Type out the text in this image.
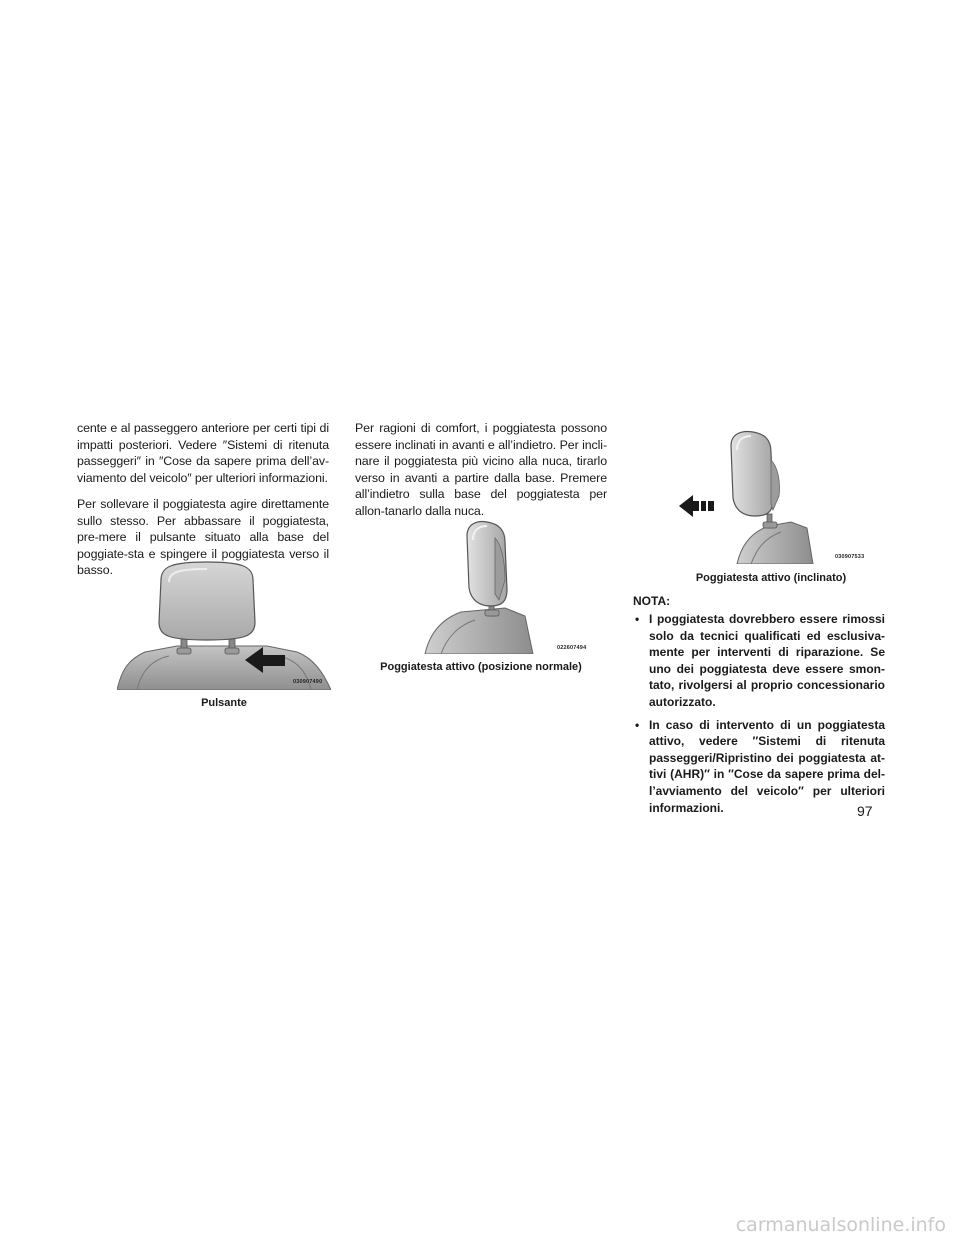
cente e al passeggero anteriore per certi tipi di impatti posteriori. Vedere ″Sistemi di ritenuta passeggeri″ in ″Cose da sapere prima dell’av-viamento del veicolo″ per ulteriori informazioni.

Per sollevare il poggiatesta agire direttamente sullo stesso. Per abbassare il poggiatesta, pre-mere il pulsante situato alla base del poggiate-sta e spingere il poggiatesta verso il basso.

Per ragioni di comfort, i poggiatesta possono essere inclinati in avanti e all’indietro. Per incli-nare il poggiatesta più vicino alla nuca, tirarlo verso in avanti a partire dalla base. Premere all’indietro sulla base del poggiatesta per allon-tanarlo dalla nuca.

030907490
Pulsante
022607494
Poggiatesta attivo (posizione normale)
030907533
Poggiatesta attivo (inclinato)
NOTA:
• I poggiatesta dovrebbero essere rimossi solo da tecnici qualificati ed esclusiva-mente per interventi di riparazione. Se uno dei poggiatesta deve essere smon-tato, rivolgersi al proprio concessionario autorizzato.
• In caso di intervento di un poggiatesta attivo, vedere ″Sistemi di ritenuta passeggeri/Ripristino dei poggiatesta at-tivi (AHR)″ in ″Cose da sapere prima del-l’avviamento del veicolo″ per ulteriori informazioni.	97
carmanualsonline.info
